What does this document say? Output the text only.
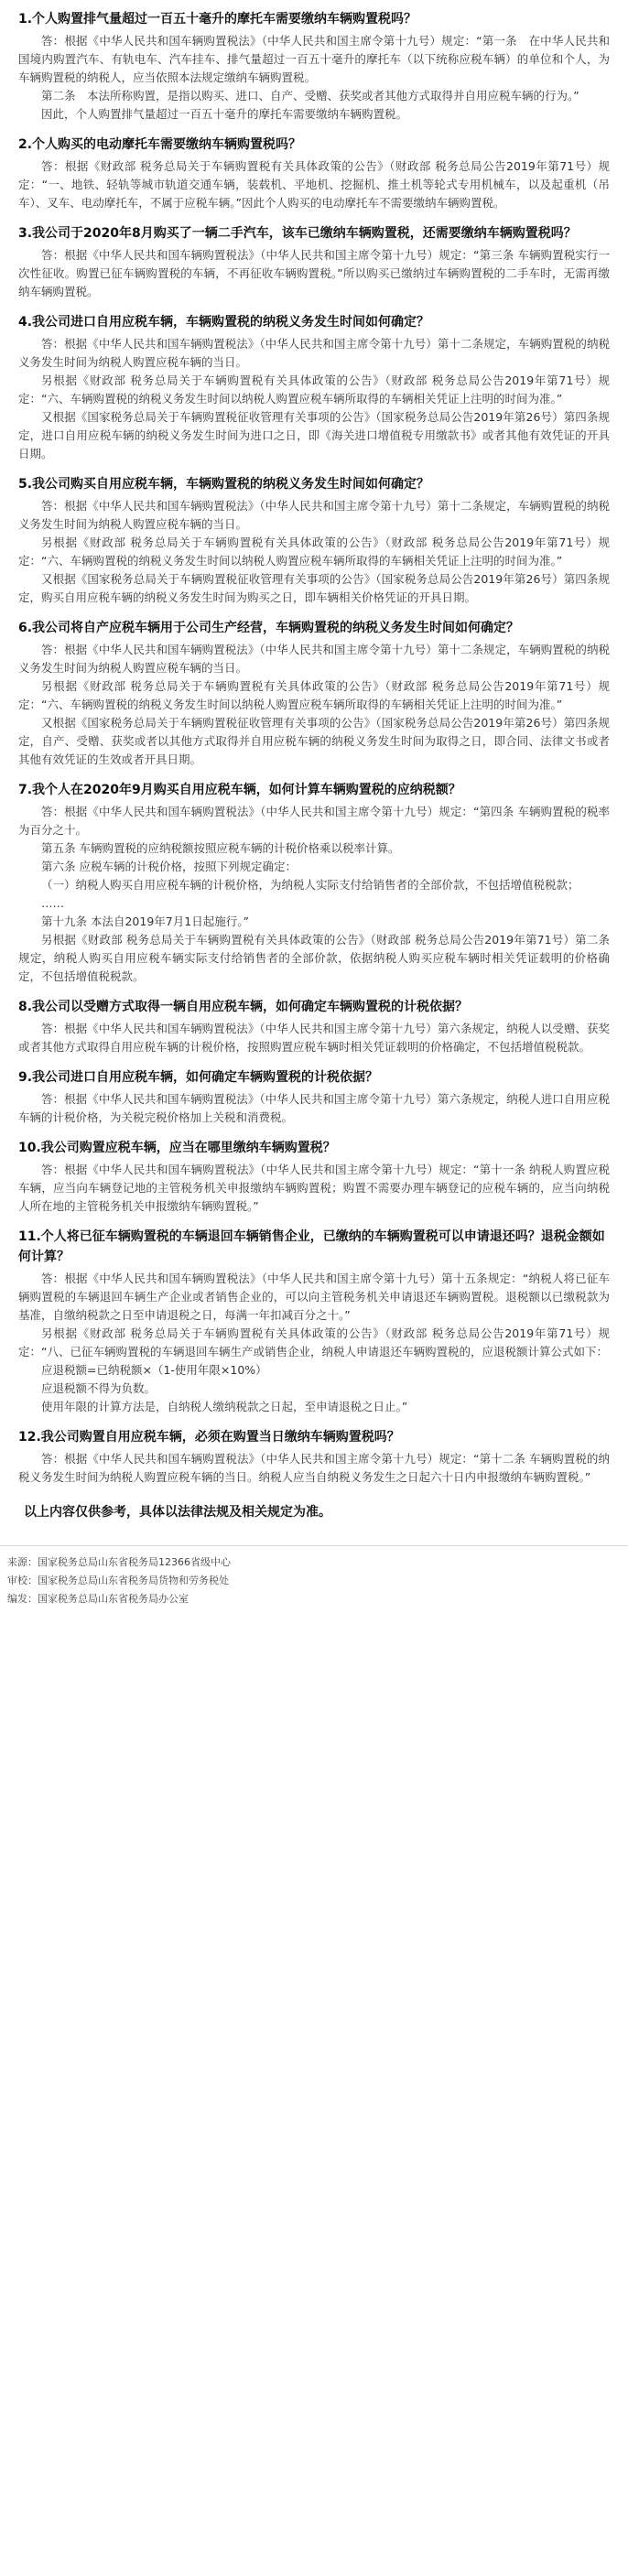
1.个人购置排气量超过一百五十毫升的摩托车需要缴纳车辆购置税吗？

答：根据《中华人民共和国车辆购置税法》（中华人民共和国主席令第十九号）规定：“第一条　在中华人民共和国境内购置汽车、有轨电车、汽车挂车、排气量超过一百五十毫升的摩托车（以下统称应税车辆）的单位和个人，为车辆购置税的纳税人，应当依照本法规定缴纳车辆购置税。

第二条　本法所称购置，是指以购买、进口、自产、受赠、获奖或者其他方式取得并自用应税车辆的行为。”

因此，个人购置排气量超过一百五十毫升的摩托车需要缴纳车辆购置税。

2.个人购买的电动摩托车需要缴纳车辆购置税吗？

答：根据《财政部 税务总局关于车辆购置税有关具体政策的公告》（财政部 税务总局公告2019年第71号）规定：“一、地铁、轻轨等城市轨道交通车辆，装载机、平地机、挖掘机、推土机等轮式专用机械车，以及起重机（吊车）、叉车、电动摩托车，不属于应税车辆。”因此个人购买的电动摩托车不需要缴纳车辆购置税。

3.我公司于2020年8月购买了一辆二手汽车，该车已缴纳车辆购置税，还需要缴纳车辆购置税吗？

答：根据《中华人民共和国车辆购置税法》（中华人民共和国主席令第十九号）规定：“第三条 车辆购置税实行一次性征收。购置已征车辆购置税的车辆，不再征收车辆购置税。”所以购买已缴纳过车辆购置税的二手车时，无需再缴纳车辆购置税。

4.我公司进口自用应税车辆，车辆购置税的纳税义务发生时间如何确定？

答：根据《中华人民共和国车辆购置税法》（中华人民共和国主席令第十九号）第十二条规定，车辆购置税的纳税义务发生时间为纳税人购置应税车辆的当日。

另根据《财政部 税务总局关于车辆购置税有关具体政策的公告》（财政部 税务总局公告2019年第71号）规定：“六、车辆购置税的纳税义务发生时间以纳税人购置应税车辆所取得的车辆相关凭证上注明的时间为准。”

又根据《国家税务总局关于车辆购置税征收管理有关事项的公告》（国家税务总局公告2019年第26号）第四条规定，进口自用应税车辆的纳税义务发生时间为进口之日，即《海关进口增值税专用缴款书》或者其他有效凭证的开具日期。

5.我公司购买自用应税车辆，车辆购置税的纳税义务发生时间如何确定？

答：根据《中华人民共和国车辆购置税法》（中华人民共和国主席令第十九号）第十二条规定，车辆购置税的纳税义务发生时间为纳税人购置应税车辆的当日。

另根据《财政部 税务总局关于车辆购置税有关具体政策的公告》（财政部 税务总局公告2019年第71号）规定：“六、车辆购置税的纳税义务发生时间以纳税人购置应税车辆所取得的车辆相关凭证上注明的时间为准。”

又根据《国家税务总局关于车辆购置税征收管理有关事项的公告》（国家税务总局公告2019年第26号）第四条规定，购买自用应税车辆的纳税义务发生时间为购买之日，即车辆相关价格凭证的开具日期。

6.我公司将自产应税车辆用于公司生产经营，车辆购置税的纳税义务发生时间如何确定？

答：根据《中华人民共和国车辆购置税法》（中华人民共和国主席令第十九号）第十二条规定，车辆购置税的纳税义务发生时间为纳税人购置应税车辆的当日。

另根据《财政部 税务总局关于车辆购置税有关具体政策的公告》（财政部 税务总局公告2019年第71号）规定：“六、车辆购置税的纳税义务发生时间以纳税人购置应税车辆所取得的车辆相关凭证上注明的时间为准。”

又根据《国家税务总局关于车辆购置税征收管理有关事项的公告》（国家税务总局公告2019年第26号）第四条规定，自产、受赠、获奖或者以其他方式取得并自用应税车辆的纳税义务发生时间为取得之日，即合同、法律文书或者其他有效凭证的生效或者开具日期。

7.我个人在2020年9月购买自用应税车辆，如何计算车辆购置税的应纳税额？

答：根据《中华人民共和国车辆购置税法》（中华人民共和国主席令第十九号）规定：“第四条 车辆购置税的税率为百分之十。

第五条 车辆购置税的应纳税额按照应税车辆的计税价格乘以税率计算。

第六条 应税车辆的计税价格，按照下列规定确定：

（一）纳税人购买自用应税车辆的计税价格，为纳税人实际支付给销售者的全部价款，不包括增值税税款；

……

第十九条 本法自2019年7月1日起施行。”

另根据《财政部 税务总局关于车辆购置税有关具体政策的公告》（财政部 税务总局公告2019年第71号）第二条规定，纳税人购买自用应税车辆实际支付给销售者的全部价款，依据纳税人购买应税车辆时相关凭证载明的价格确定，不包括增值税税款。

8.我公司以受赠方式取得一辆自用应税车辆，如何确定车辆购置税的计税依据？

答：根据《中华人民共和国车辆购置税法》（中华人民共和国主席令第十九号）第六条规定，纳税人以受赠、获奖或者其他方式取得自用应税车辆的计税价格，按照购置应税车辆时相关凭证载明的价格确定，不包括增值税税款。

9.我公司进口自用应税车辆，如何确定车辆购置税的计税依据？

答：根据《中华人民共和国车辆购置税法》（中华人民共和国主席令第十九号）第六条规定，纳税人进口自用应税车辆的计税价格，为关税完税价格加上关税和消费税。

10.我公司购置应税车辆，应当在哪里缴纳车辆购置税？

答：根据《中华人民共和国车辆购置税法》（中华人民共和国主席令第十九号）规定：“第十一条 纳税人购置应税车辆，应当向车辆登记地的主管税务机关申报缴纳车辆购置税；购置不需要办理车辆登记的应税车辆的，应当向纳税人所在地的主管税务机关申报缴纳车辆购置税。”

11.个人将已征车辆购置税的车辆退回车辆销售企业，已缴纳的车辆购置税可以申请退还吗？退税金额如何计算？

答：根据《中华人民共和国车辆购置税法》（中华人民共和国主席令第十九号）第十五条规定：“纳税人将已征车辆购置税的车辆退回车辆生产企业或者销售企业的，可以向主管税务机关申请退还车辆购置税。退税额以已缴税款为基准，自缴纳税款之日至申请退税之日，每满一年扣减百分之十。”

另根据《财政部 税务总局关于车辆购置税有关具体政策的公告》（财政部 税务总局公告2019年第71号）规定：“八、已征车辆购置税的车辆退回车辆生产或销售企业，纳税人申请退还车辆购置税的，应退税额计算公式如下：

应退税额=已纳税额×（1-使用年限×10%）

应退税额不得为负数。

使用年限的计算方法是，自纳税人缴纳税款之日起，至申请退税之日止。”

12.我公司购置自用应税车辆，必须在购置当日缴纳车辆购置税吗？

答：根据《中华人民共和国车辆购置税法》（中华人民共和国主席令第十九号）规定：“第十二条 车辆购置税的纳税义务发生时间为纳税人购置应税车辆的当日。纳税人应当自纳税义务发生之日起六十日内申报缴纳车辆购置税。”

以上内容仅供参考，具体以法律法规及相关规定为准。
来源：国家税务总局山东省税务局12366省级中心
审校：国家税务总局山东省税务局货物和劳务税处
编发：国家税务总局山东省税务局办公室
